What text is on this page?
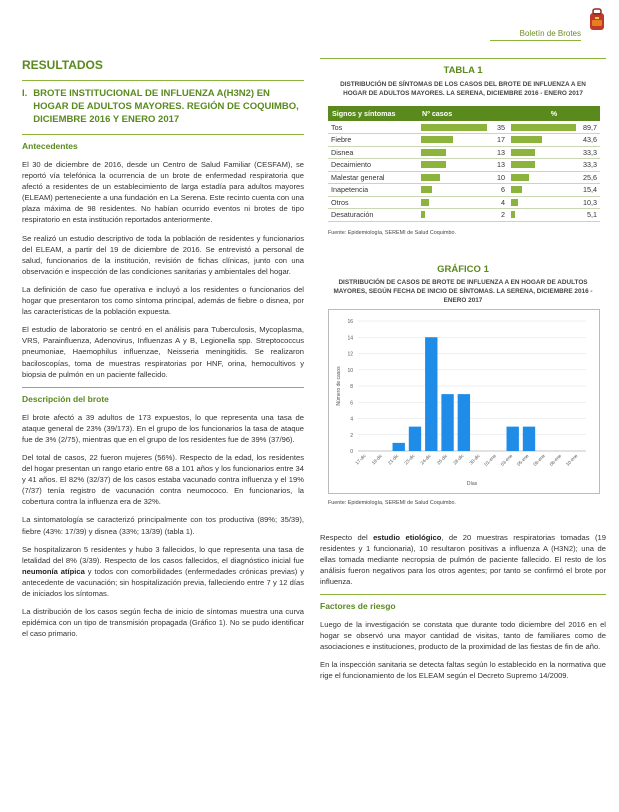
Boletín de Brotes
RESULTADOS
I. BROTE INSTITUCIONAL DE INFLUENZA A(H3N2) EN HOGAR DE ADULTOS MAYORES. REGIÓN DE COQUIMBO, DICIEMBRE 2016 Y ENERO 2017
Antecedentes

El 30 de diciembre de 2016, desde un Centro de Salud Familiar (CESFAM), se reportó vía telefónica la ocurrencia de un brote de enfermedad respiratoria que afectó a residentes de un establecimiento de larga estadía para adultos mayores (ELEAM) perteneciente a una fundación en La Serena. Este recinto cuenta con una plaza máxima de 98 residentes. No habían ocurrido eventos ni brotes de tipo respiratorio en esta institución reportados anteriormente.

Se realizó un estudio descriptivo de toda la población de residentes y funcionarios del ELEAM, a partir del 19 de diciembre de 2016. Se entrevistó a personal de salud, funcionarios de la institución, revisión de fichas clínicas, junto con una observación e inspección de las condiciones sanitarias y ambientales del hogar.

La definición de caso fue operativa e incluyó a los residentes o funcionarios del hogar que presentaron tos como síntoma principal, además de fiebre o disnea, por las características de la población expuesta.

El estudio de laboratorio se centró en el análisis para Tuberculosis, Mycoplasma, VRS, Parainfluenza, Adenovirus, Influenzas A y B, Legionella spp. Streptococcus pneumoniae, Haemophilus influenzae, Neisseria meningitidis. Se realizaron baciloscopías, toma de muestras respiratorias por HNF, orina, hemocultivos y biopsia de pulmón en un paciente fallecido.

Descripción del brote

El brote afectó a 39 adultos de 173 expuestos, lo que representa una tasa de ataque general de 23% (39/173). En el grupo de los funcionarios la tasa de ataque fue de 3% (2/75), mientras que en el grupo de los residentes fue de 39% (37/96).

Del total de casos, 22 fueron mujeres (56%). Respecto de la edad, los residentes del hogar presentan un rango etario entre 68 a 101 años y los funcionarios entre 34 y 41 años. El 82% (32/37) de los casos estaba vacunado contra influenza y el 19% (7/37) tenía registro de vacunación contra neumococo. En funcionarios, la cobertura contra la influenza era de 32%.

La sintomatología se caracterizó principalmente con tos productiva (89%; 35/39), fiebre (43%: 17/39) y disnea (33%; 13/39) (tabla 1).

Se hospitalizaron 5 residentes y hubo 3 fallecidos, lo que representa una tasa de letalidad del 8% (3/39). Respecto de los casos fallecidos, el diagnóstico inicial fue neumonía atípica y todos con comorbilidades (enfermedades crónicas previas) y antecedente de vacunación; sin hospitalización previa, falleciendo entre 7 y 12 días de iniciados los síntomas.

La distribución de los casos según fecha de inicio de síntomas muestra una curva epidémica con un tipo de transmisión propagada (Gráfico 1). No se pudo identificar el caso primario.

TABLA 1
DISTRIBUCIÓN DE SÍNTOMAS DE LOS CASOS DEL BROTE DE INFLUENZA A EN HOGAR DE ADULTOS MAYORES. LA SERENA, DICIEMBRE 2016 - ENERO 2017
Signos y síntomas	Nº casos		%
Tos		35	89,7

Fiebre		17	43,6

Disnea		13	33,3

Decaimiento		13	33,3

Malestar general		10	25,6

Inapetencia		6	15,4

Otros		4	10,3

Desaturación		2	5,1
Fuente: Epidemiología, SEREMI de Salud Coquimbo.
GRÁFICO 1
DISTRIBUCIÓN DE CASOS DE BROTE DE INFLUENZA A EN HOGAR DE ADULTOS MAYORES, SEGÚN FECHA DE INICIO DE SÍNTOMAS. LA SERENA, DICIEMBRE 2016 - ENERO 2017
0
2
4
6
8
10
12
14
16
17-dic 19-dic 21-dic 23-dic 24-dic 26-dic 28-dic 30-dic 01-ene 03-ene 05-ene 06-ene 08-ene 10-ene
Días
Número de casos
Fuente: Epidemiología, SEREMI de Salud Coquimbo.

Respecto del estudio etiológico, de 20 muestras respiratorias tomadas (19 residentes y 1 funcionaria), 10 resultaron positivas a influenza A (H3N2); una de ellas tomada mediante necropsia de pulmón de paciente fallecido. El resto de los análisis fueron negativos para los otros agentes; por tanto se confirmó el brote por influenza.

Factores de riesgo

Luego de la investigación se constata que durante todo diciembre del 2016 en el hogar se observó una mayor cantidad de visitas, tanto de familiares como de asociaciones e instituciones, producto de la proximidad de las fiestas de fin de año.

En la inspección sanitaria se detecta faltas según lo establecido en la normativa que rige el funcionamiento de los ELEAM según el Decreto Supremo 14/2009.
